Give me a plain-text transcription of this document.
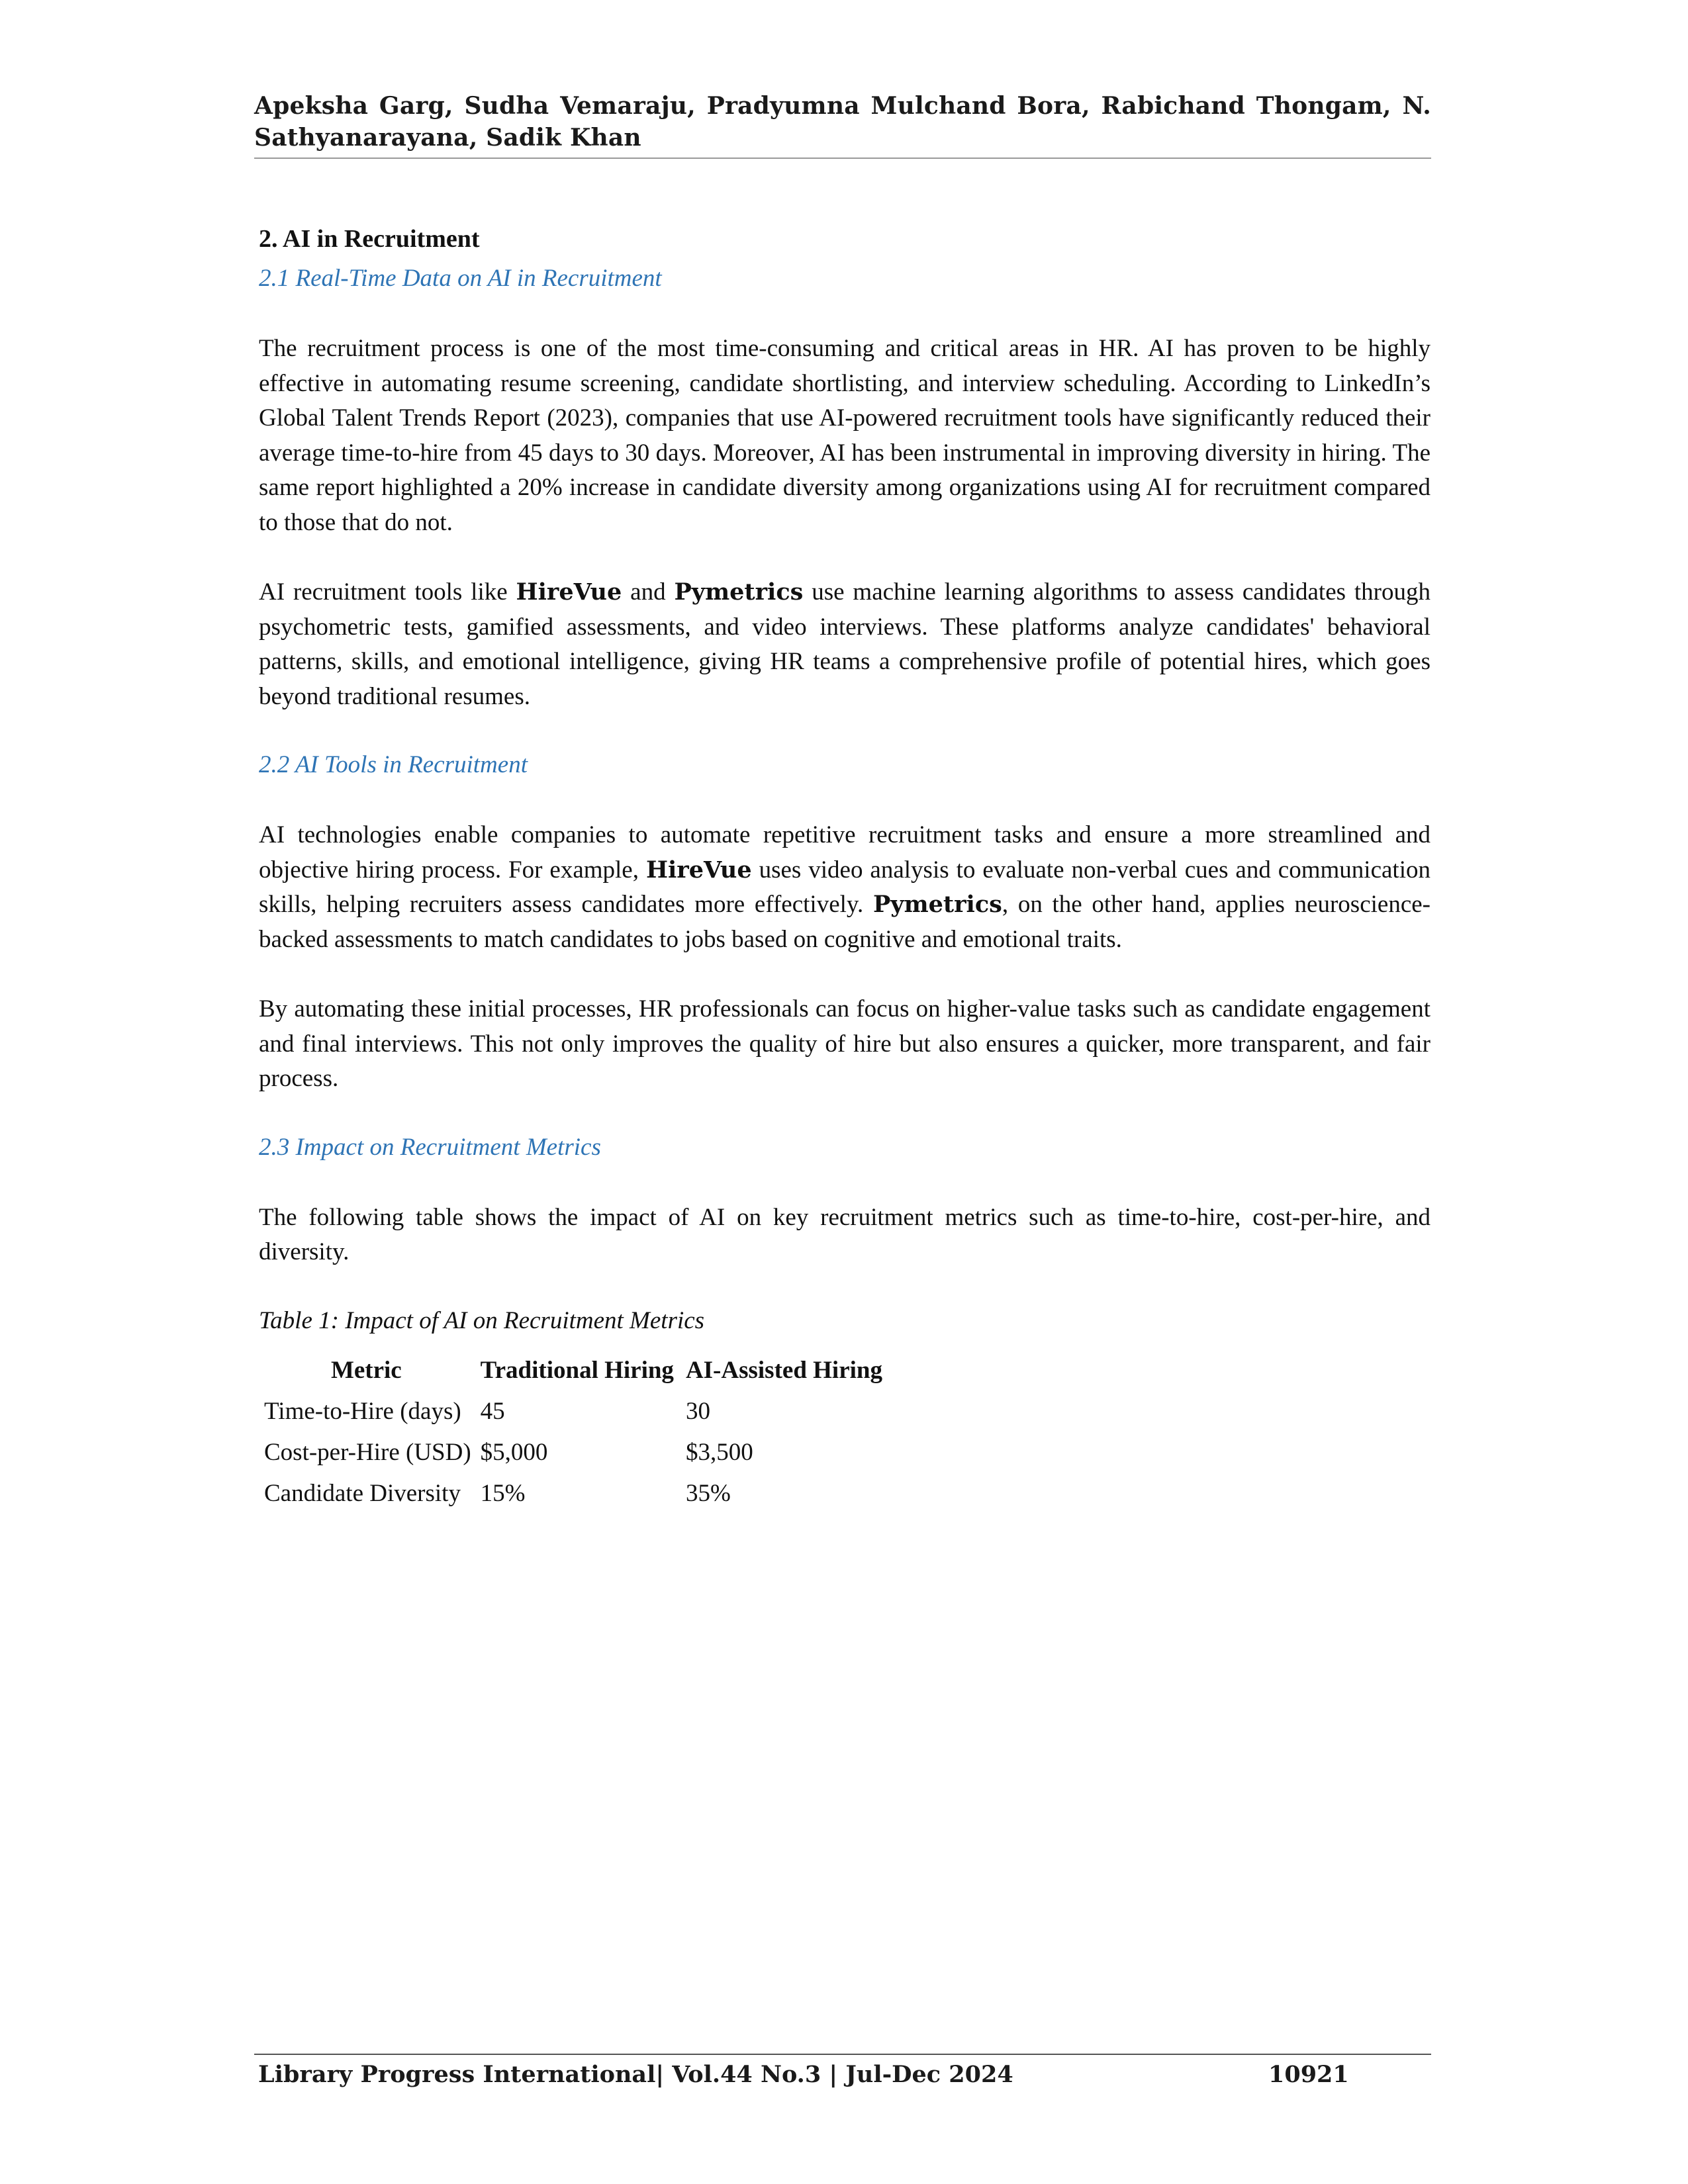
Apeksha Garg, Sudha Vemaraju, Pradyumna Mulchand Bora, Rabichand Thongam, N. Sathyanarayana, Sadik Khan

2. AI in Recruitment

2.1 Real-Time Data on AI in Recruitment

The recruitment process is one of the most time-consuming and critical areas in HR. AI has proven to be highly effective in automating resume screening, candidate shortlisting, and interview scheduling. According to LinkedIn’s Global Talent Trends Report (2023), companies that use AI-powered recruitment tools have significantly reduced their average time-to-hire from 45 days to 30 days. Moreover, AI has been instrumental in improving diversity in hiring. The same report highlighted a 20% increase in candidate diversity among organizations using AI for recruitment compared to those that do not.

AI recruitment tools like HireVue and Pymetrics use machine learning algorithms to assess candidates through psychometric tests, gamified assessments, and video interviews. These platforms analyze candidates' behavioral patterns, skills, and emotional intelligence, giving HR teams a comprehensive profile of potential hires, which goes beyond traditional resumes.

2.2 AI Tools in Recruitment

AI technologies enable companies to automate repetitive recruitment tasks and ensure a more streamlined and objective hiring process. For example, HireVue uses video analysis to evaluate non-verbal cues and communication skills, helping recruiters assess candidates more effectively. Pymetrics, on the other hand, applies neuroscience-backed assessments to match candidates to jobs based on cognitive and emotional traits.

By automating these initial processes, HR professionals can focus on higher-value tasks such as candidate engagement and final interviews. This not only improves the quality of hire but also ensures a quicker, more transparent, and fair process.

2.3 Impact on Recruitment Metrics

The following table shows the impact of AI on key recruitment metrics such as time-to-hire, cost-per-hire, and diversity.

Table 1: Impact of AI on Recruitment Metrics

Metric	Traditional Hiring	AI-Assisted Hiring
Time-to-Hire (days)	45	30
Cost-per-Hire (USD)	$5,000	$3,500
Candidate Diversity	15%	35%
Library Progress International| Vol.44 No.3 | Jul-Dec 2024	10921
